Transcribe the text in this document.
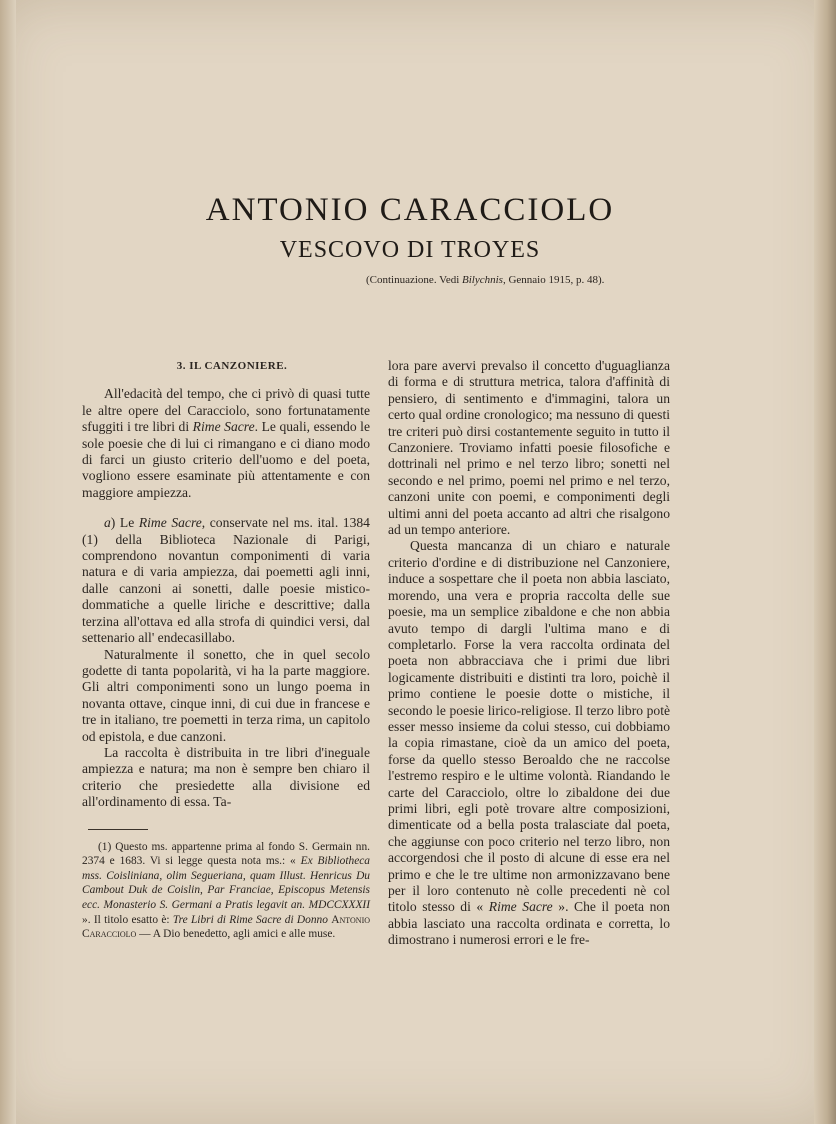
ANTONIO CARACCIOLO
VESCOVO DI TROYES
(Continuazione. Vedi Bilychnis, Gennaio 1915, p. 48).
3. IL CANZONIERE.

All'edacità del tempo, che ci privò di quasi tutte le altre opere del Caracciolo, sono fortunatamente sfuggiti i tre libri di Rime Sacre. Le quali, essendo le sole poesie che di lui ci rimangano e ci diano modo di farci un giusto criterio dell'uomo e del poeta, vogliono essere esaminate più attentamente e con maggiore ampiezza.

a) Le Rime Sacre, conservate nel ms. ital. 1384 (1) della Biblioteca Nazionale di Parigi, comprendono novantun componimenti di varia natura e di varia ampiezza, dai poemetti agli inni, dalle canzoni ai sonetti, dalle poesie mistico-dommatiche a quelle liriche e descrittive; dalla terzina all'ottava ed alla strofa di quindici versi, dal settenario all' endecasillabo.

Naturalmente il sonetto, che in quel secolo godette di tanta popolarità, vi ha la parte maggiore. Gli altri componimenti sono un lungo poema in novanta ottave, cinque inni, di cui due in francese e tre in italiano, tre poemetti in terza rima, un capitolo od epistola, e due canzoni.

La raccolta è distribuita in tre libri d'ineguale ampiezza e natura; ma non è sempre ben chiaro il criterio che presiedette alla divisione ed all'ordinamento di essa. Ta-

(1) Questo ms. appartenne prima al fondo S. Germain nn. 2374 e 1683. Vi si legge questa nota ms.: « Ex Bibliotheca mss. Coisliniana, olim Segueriana, quam Illust. Henricus Du Cambout Duk de Coislin, Par Franciae, Episcopus Metensis ecc. Monasterio S. Germani a Pratis legavit an. MDCCXXXII ». Il titolo esatto è: Tre Libri di Rime Sacre di Donno Antonio Caracciolo — A Dio benedetto, agli amici e alle muse.

lora pare avervi prevalso il concetto d'uguaglianza di forma e di struttura metrica, talora d'affinità di pensiero, di sentimento e d'immagini, talora un certo qual ordine cronologico; ma nessuno di questi tre criteri può dirsi costantemente seguito in tutto il Canzoniere. Troviamo infatti poesie filosofiche e dottrinali nel primo e nel terzo libro; sonetti nel secondo e nel primo, poemi nel primo e nel terzo, canzoni unite con poemi, e componimenti degli ultimi anni del poeta accanto ad altri che risalgono ad un tempo anteriore.

Questa mancanza di un chiaro e naturale criterio d'ordine e di distribuzione nel Canzoniere, induce a sospettare che il poeta non abbia lasciato, morendo, una vera e propria raccolta delle sue poesie, ma un semplice zibaldone e che non abbia avuto tempo di dargli l'ultima mano e di completarlo. Forse la vera raccolta ordinata del poeta non abbracciava che i primi due libri logicamente distribuiti e distinti tra loro, poichè il primo contiene le poesie dotte o mistiche, il secondo le poesie lirico-religiose. Il terzo libro potè esser messo insieme da colui stesso, cui dobbiamo la copia rimastane, cioè da un amico del poeta, forse da quello stesso Beroaldo che ne raccolse l'estremo respiro e le ultime volontà. Riandando le carte del Caracciolo, oltre lo zibaldone dei due primi libri, egli potè trovare altre composizioni, dimenticate od a bella posta tralasciate dal poeta, che aggiunse con poco criterio nel terzo libro, non accorgendosi che il posto di alcune di esse era nel primo e che le tre ultime non armonizzavano bene per il loro contenuto nè colle precedenti nè col titolo stesso di « Rime Sacre ». Che il poeta non abbia lasciato una raccolta ordinata e corretta, lo dimostrano i numerosi errori e le fre-
